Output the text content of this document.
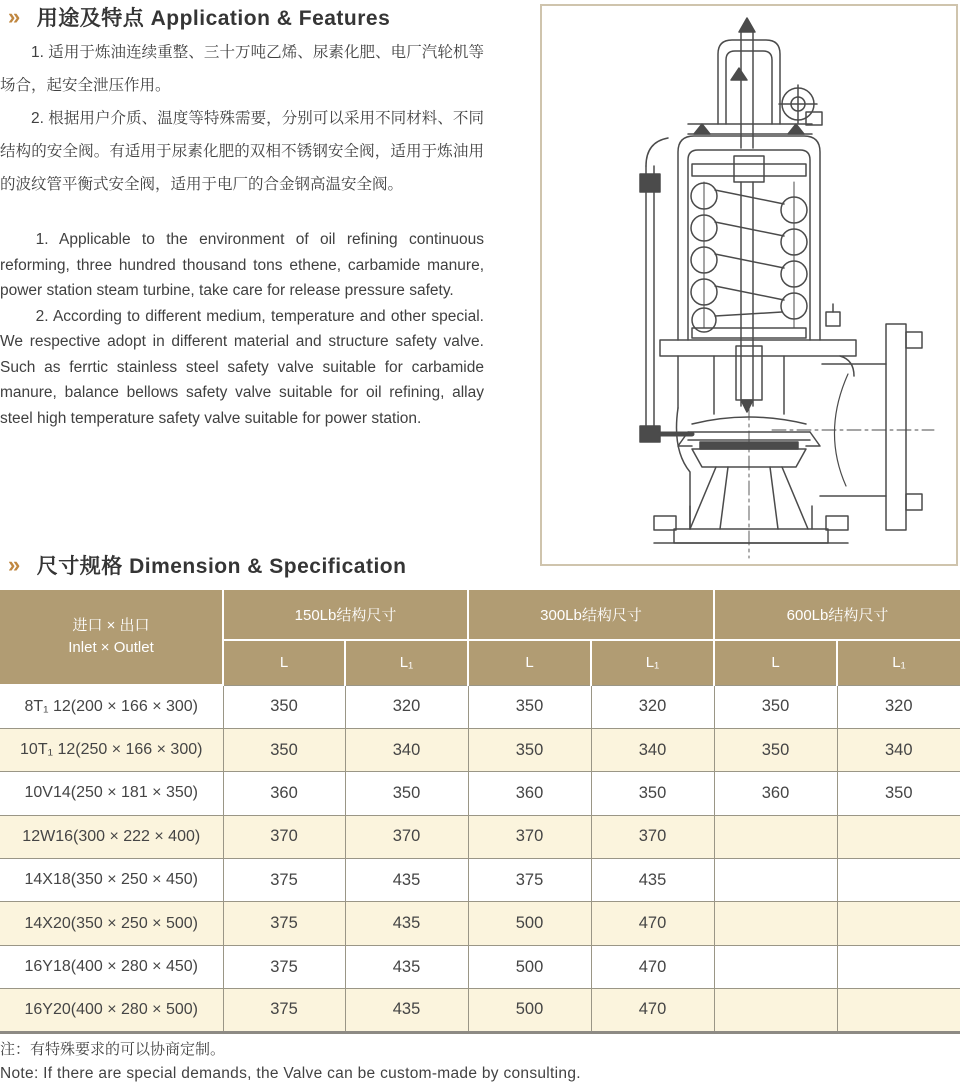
» 用途及特点 Application & Features

1. 适用于炼油连续重整、三十万吨乙烯、尿素化肥、电厂汽轮机等场合，起安全泄压作用。

2. 根据用户介质、温度等特殊需要，分别可以采用不同材料、不同结构的安全阀。有适用于尿素化肥的双相不锈钢安全阀，适用于炼油用的波纹管平衡式安全阀，适用于电厂的合金钢高温安全阀。

1. Applicable to the environment of oil refining continuous reforming, three hundred thousand tons ethene, carbamide manure, power station steam turbine, take care for release pressure safety.

2. According to different medium, temperature and other special. We respective adopt in different material and structure safety valve. Such as ferrtic stainless steel safety valve suitable for carbamide manure, balance bellows safety valve suitable for oil refining, allay steel high temperature safety valve suitable for power station.

» 尺寸规格 Dimension & Specification
进口 × 出口
Inlet × Outlet	150Lb结构尺寸		300Lb结构尺寸		600Lb结构尺寸	
	L	L₁	L	L₁	L	L₁
8T₁ 12(200 × 166 × 300)	350	320	350	320	350	320
10T₁ 12(250 × 166 × 300)	350	340	350	340	350	340
10V14(250 × 181 × 350)	360	350	360	350	360	350
12W16(300 × 222 × 400)	370	370	370	370		
14X18(350 × 250 × 450)	375	435	375	435		
14X20(350 × 250 × 500)	375	435	500	470		
16Y18(400 × 280 × 450)	375	435	500	470		
16Y20(400 × 280 × 500)	375	435	500	470		

注：有特殊要求的可以协商定制。

Note: If there are special demands, the Valve can be custom-made by consulting.
